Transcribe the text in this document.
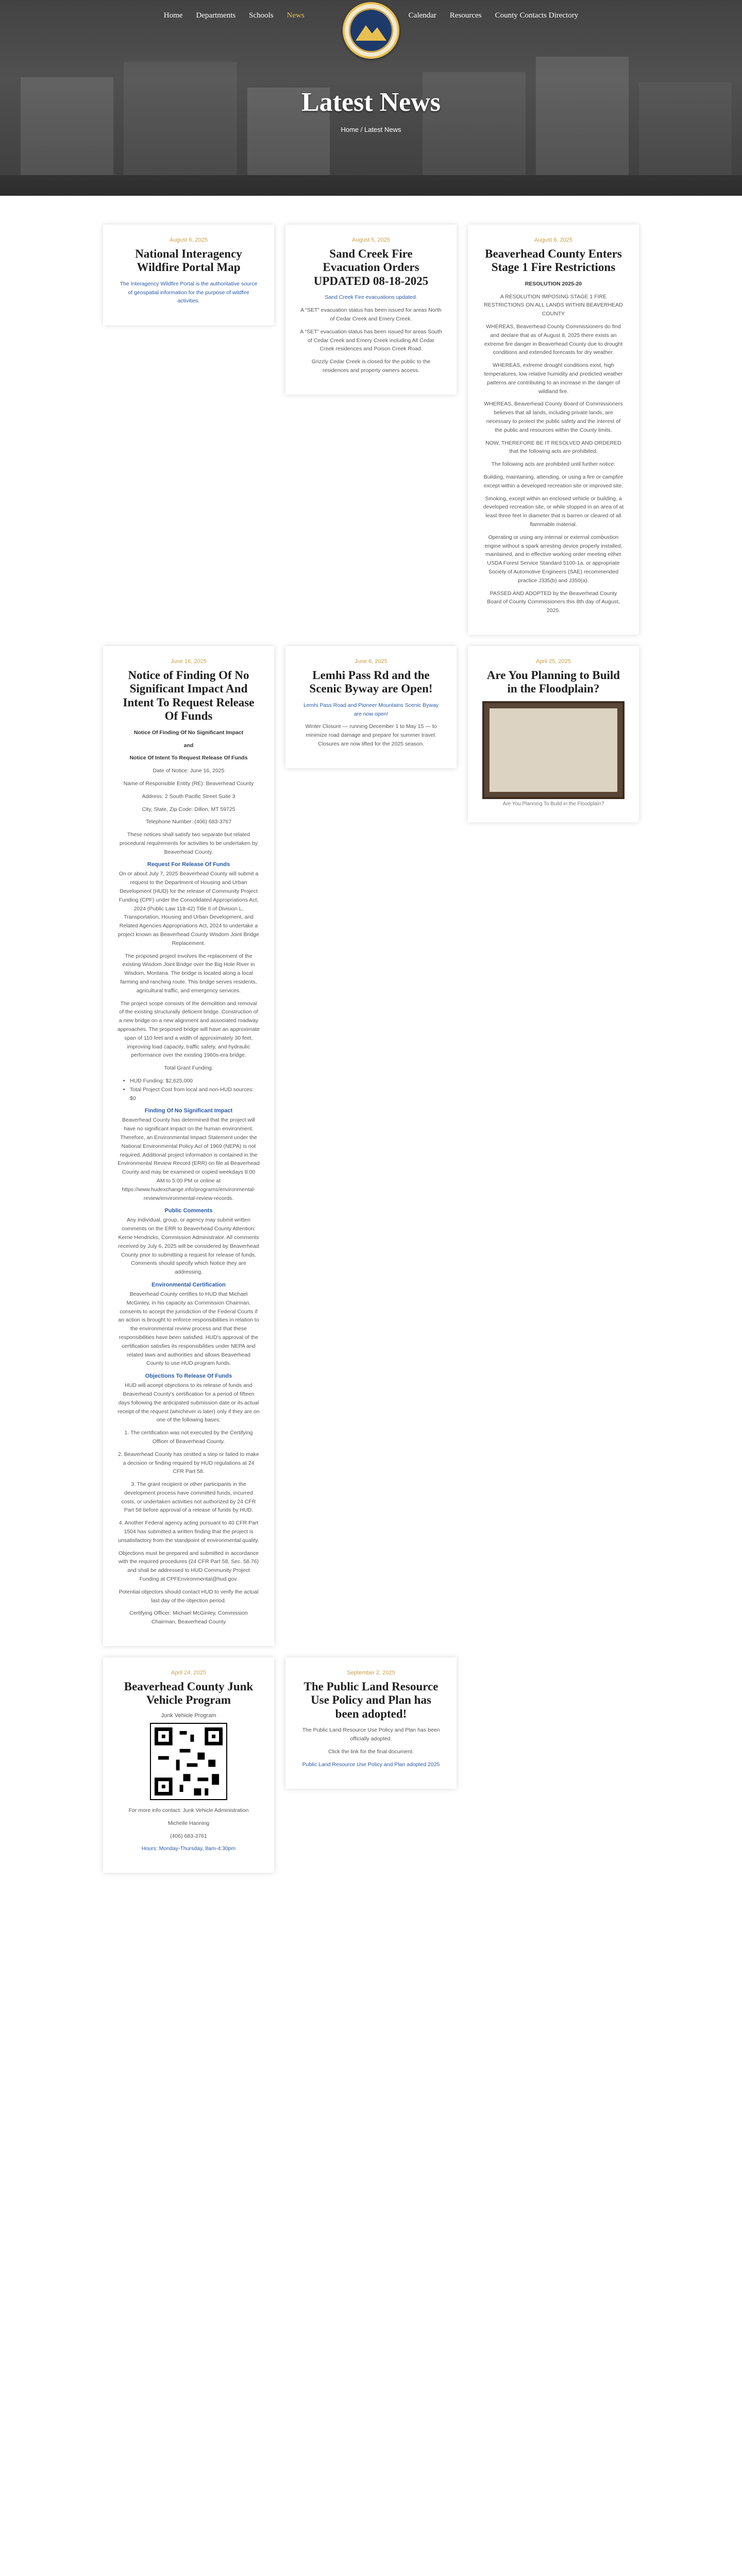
Home Departments Schools News	Calendar Resources County Contacts Directory
Latest News
Home / Latest News
August 6, 2025
National Interagency Wildfire Portal Map
The Interagency Wildfire Portal is the authoritative source of geospatial information for the purpose of wildfire activities.
August 5, 2025
Sand Creek Fire Evacuation Orders UPDATED 08-18-2025
Sand Creek Fire evacuations updated.
A “SET” evacuation status has been issued for areas North of Cedar Creek and Emery Creek.
A “SET” evacuation status has been issued for areas South of Cedar Creek and Emery Creek including All Cedar Creek residences and Poison Creek Road.
Grizzly Cedar Creek is closed for the public to the residences and property owners access.
August 8, 2025
Beaverhead County Enters Stage 1 Fire Restrictions
RESOLUTION 2025-20
A RESOLUTION IMPOSING STAGE 1 FIRE RESTRICTIONS ON ALL LANDS WITHIN BEAVERHEAD COUNTY
WHEREAS, Beaverhead County Commissioners do find and declare that as of August 8, 2025 there exists an extreme fire danger in Beaverhead County due to drought conditions and extended forecasts for dry weather.
WHEREAS, extreme drought conditions exist, high temperatures, low relative humidity and predicted weather patterns are contributing to an increase in the danger of wildland fire.
WHEREAS, Beaverhead County Board of Commissioners believes that all lands, including private lands, are necessary to protect the public safety and the interest of the public and resources within the County limits.
NOW, THEREFORE BE IT RESOLVED AND ORDERED that the following acts are prohibited:
The following acts are prohibited until further notice:
Building, maintaining, attending, or using a fire or campfire except within a developed recreation site or improved site.
Smoking, except within an enclosed vehicle or building, a developed recreation site, or while stopped in an area of at least three feet in diameter that is barren or cleared of all flammable material.
Operating or using any internal or external combustion engine without a spark arresting device properly installed, maintained, and in effective working order meeting either USDA Forest Service Standard 5100-1a, or appropriate Society of Automotive Engineers (SAE) recommended practice J335(b) and J350(a).
PASSED AND ADOPTED by the Beaverhead County Board of County Commissioners this 8th day of August, 2025.
June 16, 2025
Notice of Finding Of No Significant Impact And Intent To Request Release Of Funds
Notice Of Finding Of No Significant Impact
and
Notice Of Intent To Request Release Of Funds
Date of Notice: June 16, 2025
Name of Responsible Entity (RE): Beaverhead County
Address: 2 South Pacific Street Suite 3
City, State, Zip Code: Dillon, MT 59725
Telephone Number: (406) 683-3767
These notices shall satisfy two separate but related procedural requirements for activities to be undertaken by Beaverhead County.
Request For Release Of Funds
On or about July 7, 2025 Beaverhead County will submit a request to the Department of Housing and Urban Development (HUD) for the release of Community Project Funding (CPF) under the Consolidated Appropriations Act, 2024 (Public Law 118-42) Title II of Division L, Transportation, Housing and Urban Development, and Related Agencies Appropriations Act, 2024 to undertake a project known as Beaverhead County Wisdom Joint Bridge Replacement.
The proposed project involves the replacement of the existing Wisdom Joint Bridge over the Big Hole River in Wisdom, Montana. The bridge is located along a local farming and ranching route. This bridge serves residents, agricultural traffic, and emergency services.
The project scope consists of the demolition and removal of the existing structurally deficient bridge. Construction of a new bridge on a new alignment and associated roadway approaches. The proposed bridge will have an approximate span of 110 feet and a width of approximately 30 feet, improving load capacity, traffic safety, and hydraulic performance over the existing 1960s-era bridge.
Total Grant Funding:
• HUD Funding: $2,625,000
• Total Project Cost from local and non-HUD sources: $0
Finding Of No Significant Impact
Beaverhead County has determined that the project will have no significant impact on the human environment. Therefore, an Environmental Impact Statement under the National Environmental Policy Act of 1969 (NEPA) is not required. Additional project information is contained in the Environmental Review Record (ERR) on file at Beaverhead County and may be examined or copied weekdays 8:00 AM to 5:00 PM or online at https://www.hudexchange.info/programs/environmental-review/environmental-review-records.
Public Comments
Any individual, group, or agency may submit written comments on the ERR to Beaverhead County Attention: Kerrie Hendricks, Commission Administrator. All comments received by July 6, 2025 will be considered by Beaverhead County prior to submitting a request for release of funds. Comments should specify which Notice they are addressing.
Environmental Certification
Beaverhead County certifies to HUD that Michael McGinley, in his capacity as Commission Chairman, consents to accept the jurisdiction of the Federal Courts if an action is brought to enforce responsibilities in relation to the environmental review process and that these responsibilities have been satisfied. HUD's approval of the certification satisfies its responsibilities under NEPA and related laws and authorities and allows Beaverhead County to use HUD program funds.
Objections To Release Of Funds
HUD will accept objections to its release of funds and Beaverhead County's certification for a period of fifteen days following the anticipated submission date or its actual receipt of the request (whichever is later) only if they are on one of the following bases:
1. The certification was not executed by the Certifying Officer of Beaverhead County.
2. Beaverhead County has omitted a step or failed to make a decision or finding required by HUD regulations at 24 CFR Part 58.
3. The grant recipient or other participants in the development process have committed funds, incurred costs, or undertaken activities not authorized by 24 CFR Part 58 before approval of a release of funds by HUD.
4. Another Federal agency acting pursuant to 40 CFR Part 1504 has submitted a written finding that the project is unsatisfactory from the standpoint of environmental quality.
Objections must be prepared and submitted in accordance with the required procedures (24 CFR Part 58, Sec. 58.76) and shall be addressed to HUD Community Project Funding at CPFEnvironmental@hud.gov.
Potential objectors should contact HUD to verify the actual last day of the objection period.
Certifying Officer: Michael McGinley, Commission Chairman, Beaverhead County
June 6, 2025
Lemhi Pass Rd and the Scenic Byway are Open!
Lemhi Pass Road and Pioneer Mountains Scenic Byway are now open!
Winter Closure — running December 1 to May 15 — to minimize road damage and prepare for summer travel. Closures are now lifted for the 2025 season.
April 25, 2025
Are You Planning to Build in the Floodplain?
Are You Planning To Build in the Floodplain?
April 24, 2025
Beaverhead County Junk Vehicle Program
Junk Vehicle Program
For more info contact: Junk Vehicle Administration
Michelle Hanning
(406) 683-3761
Hours: Monday-Thursday, 8am-4:30pm
September 2, 2025
The Public Land Resource Use Policy and Plan has been adopted!
The Public Land Resource Use Policy and Plan has been officially adopted.
Click the link for the final document.
Public Land Resource Use Policy and Plan adopted 2025
